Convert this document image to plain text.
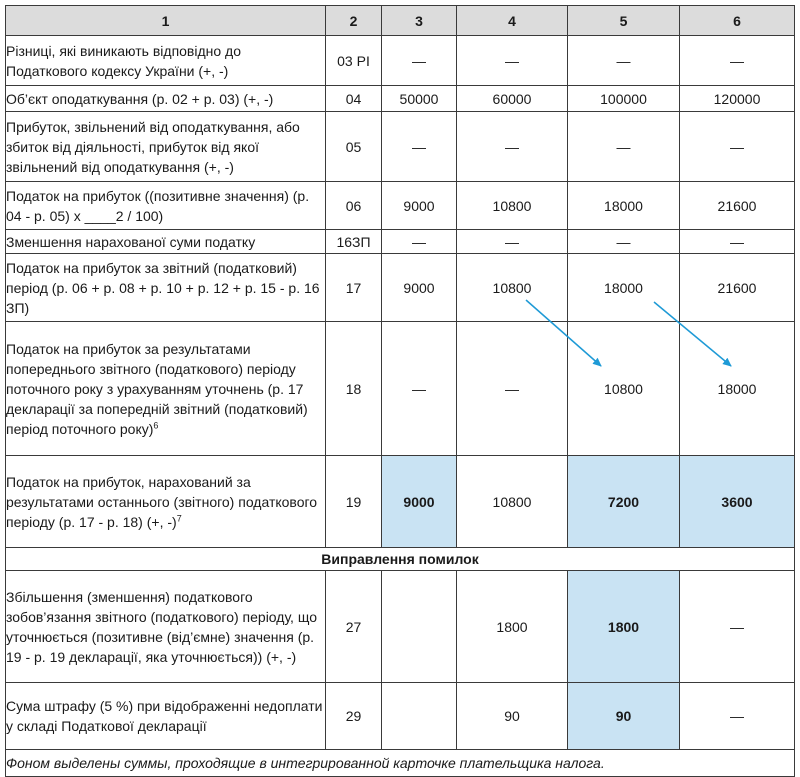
1	2	3	4	5	6
Різниці, які виникають відповідно до Податкового кодексу України (+, -)	03 РІ	—	—	—	—
Об’єкт оподаткування (р. 02 + р. 03) (+, -)	04	50000	60000	100000	120000
Прибуток, звільнений від оподаткування, або збиток від діяльності, прибуток від якої звільнений від оподаткування (+, -)	05	—	—	—	—
Податок на прибуток ((позитивне значення) (р. 04 - р. 05) х ____2 / 100)	06	9000	10800	18000	21600
Зменшення нарахованої суми податку	16ЗП	—	—	—	—
Податок на прибуток за звітний (податковий) період (р. 06 + р. 08 + р. 10 + р. 12 + р. 15 - р. 16 ЗП)	17	9000	10800	18000	21600
Податок на прибуток за результатами попереднього звітного (податкового) періоду поточного року з урахуванням уточнень (р. 17 декларації за попередній звітний (податковий) період поточного року)$^6$	18	—	—	10800	18000
Податок на прибуток, нарахований за результатами останнього (звітного) податкового періоду (р. 17 - р. 18) (+, -)$^7$	19	9000	10800	7200	3600
Виправлення помилок					
Збільшення (зменшення) податкового зобов’язання звітного (податкового) періоду, що уточнюється (позитивне (від’ємне) значення (р. 19 - р. 19 декларації, яка уточнюється)) (+, -)	27		1800	1800	—
Сума штрафу (5 %) при відображенні недоплати у складі Податкової декларації	29		90	90	—
Фоном выделены суммы, проходящие в интегрированной карточке плательщика налога.					
